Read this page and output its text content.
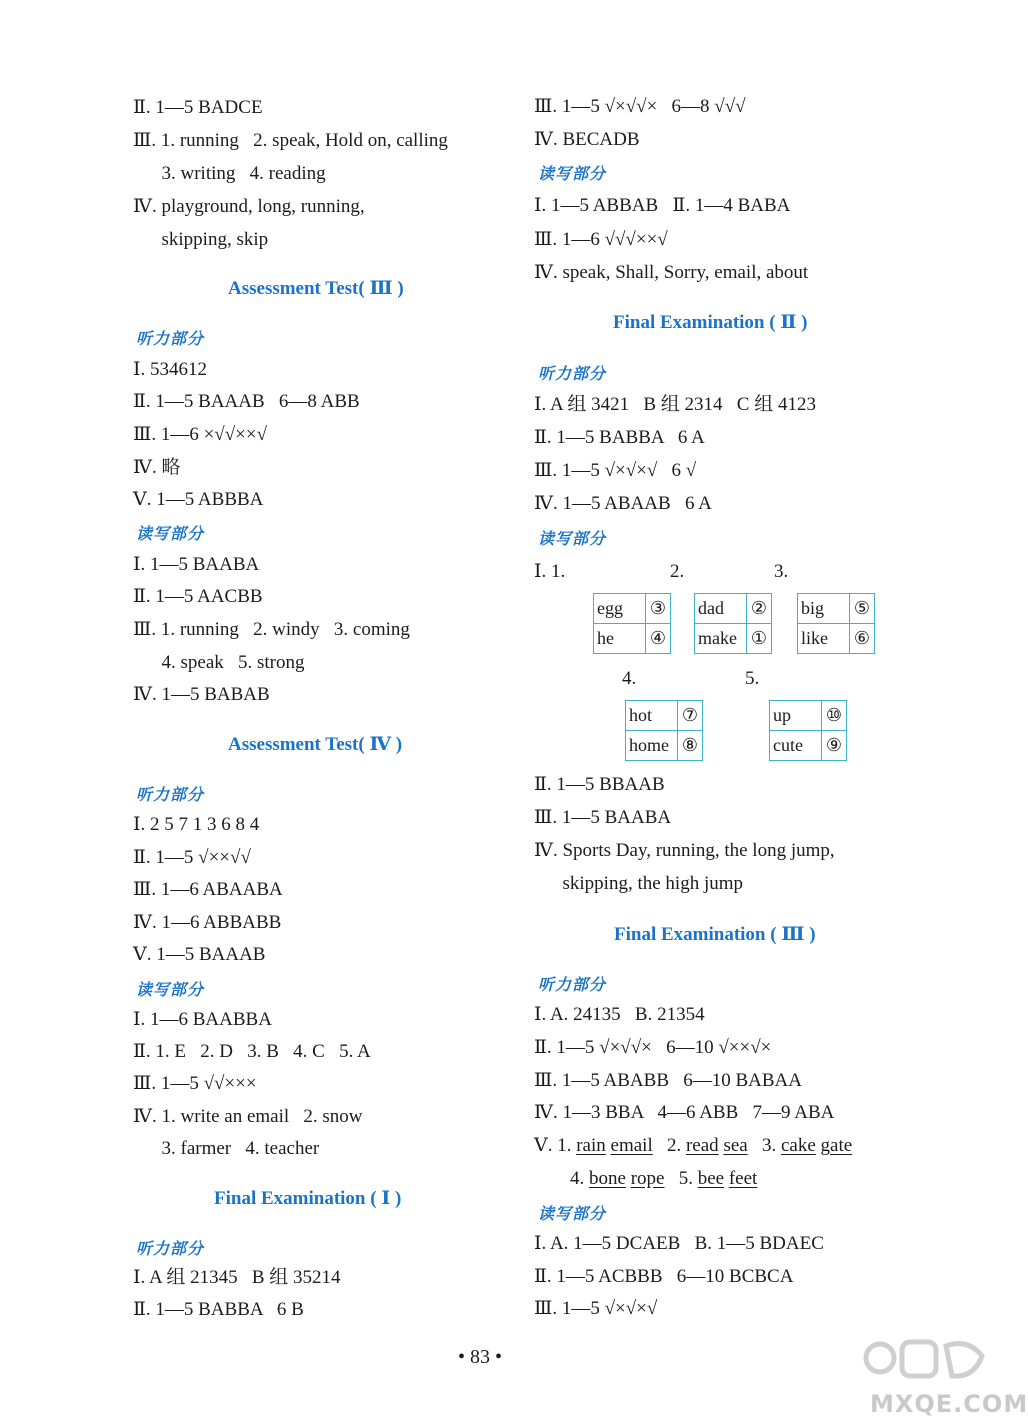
Ⅱ. 1—5 BADCE
Ⅲ. 1. running   2. speak, Hold on, calling
3. writing   4. reading
Ⅳ. playground, long, running,
skipping, skip
Assessment Test( Ⅲ )
听力部分
Ⅰ. 534612
Ⅱ. 1—5 BAAAB   6—8 ABB
Ⅲ. 1—6 ×√√××√
Ⅳ. 略
Ⅴ. 1—5 ABBBA
读写部分
Ⅰ. 1—5 BAABA
Ⅱ. 1—5 AACBB
Ⅲ. 1. running   2. windy   3. coming
4. speak   5. strong
Ⅳ. 1—5 BABAB
Assessment Test( Ⅳ )
听力部分
Ⅰ. 2 5 7 1 3 6 8 4
Ⅱ. 1—5 √××√√
Ⅲ. 1—6 ABAABA
Ⅳ. 1—6 ABBABB
Ⅴ. 1—5 BAAAB
读写部分
Ⅰ. 1—6 BAABBA
Ⅱ. 1. E   2. D   3. B   4. C   5. A
Ⅲ. 1—5 √√×××
Ⅳ. 1. write an email   2. snow
3. farmer   4. teacher
Final Examination ( Ⅰ )
听力部分
Ⅰ. A 组 21345   B 组 35214
Ⅱ. 1—5 BABBA   6 B
Ⅲ. 1—5 √×√√×   6—8 √√√
Ⅳ. BECADB
读写部分
Ⅰ. 1—5 ABBAB   Ⅱ. 1—4 BABA
Ⅲ. 1—6 √√√××√
Ⅳ. speak, Shall, Sorry, email, about
Final Examination ( Ⅱ )
听力部分
Ⅰ. A 组 3421   B 组 2314   C 组 4123
Ⅱ. 1—5 BABBA   6 A
Ⅲ. 1—5 √×√×√   6 √
Ⅳ. 1—5 ABAAB   6 A
读写部分
Ⅰ. 1.	2.	3.
egg	③
he	④
dad	②
make	①
big	⑤
like	⑥
4.	5.
hot	⑦
home	⑧
up	⑩
cute	⑨
Ⅱ. 1—5 BBAAB
Ⅲ. 1—5 BAABA
Ⅳ. Sports Day, running, the long jump,
skipping, the high jump
Final Examination ( Ⅲ )
听力部分
Ⅰ. A. 24135   B. 21354
Ⅱ. 1—5 √×√√×   6—10 √××√×
Ⅲ. 1—5 ABABB   6—10 BABAA
Ⅳ. 1—3 BBA   4—6 ABB   7—9 ABA
Ⅴ. 1. rain email 2. read sea 3. cake gate
4. bone rope 5. bee feet
读写部分
Ⅰ. A. 1—5 DCAEB   B. 1—5 BDAEC
Ⅱ. 1—5 ACBBB   6—10 BCBCA
Ⅲ. 1—5 √×√×√
• 83 •
MXQE.COM
